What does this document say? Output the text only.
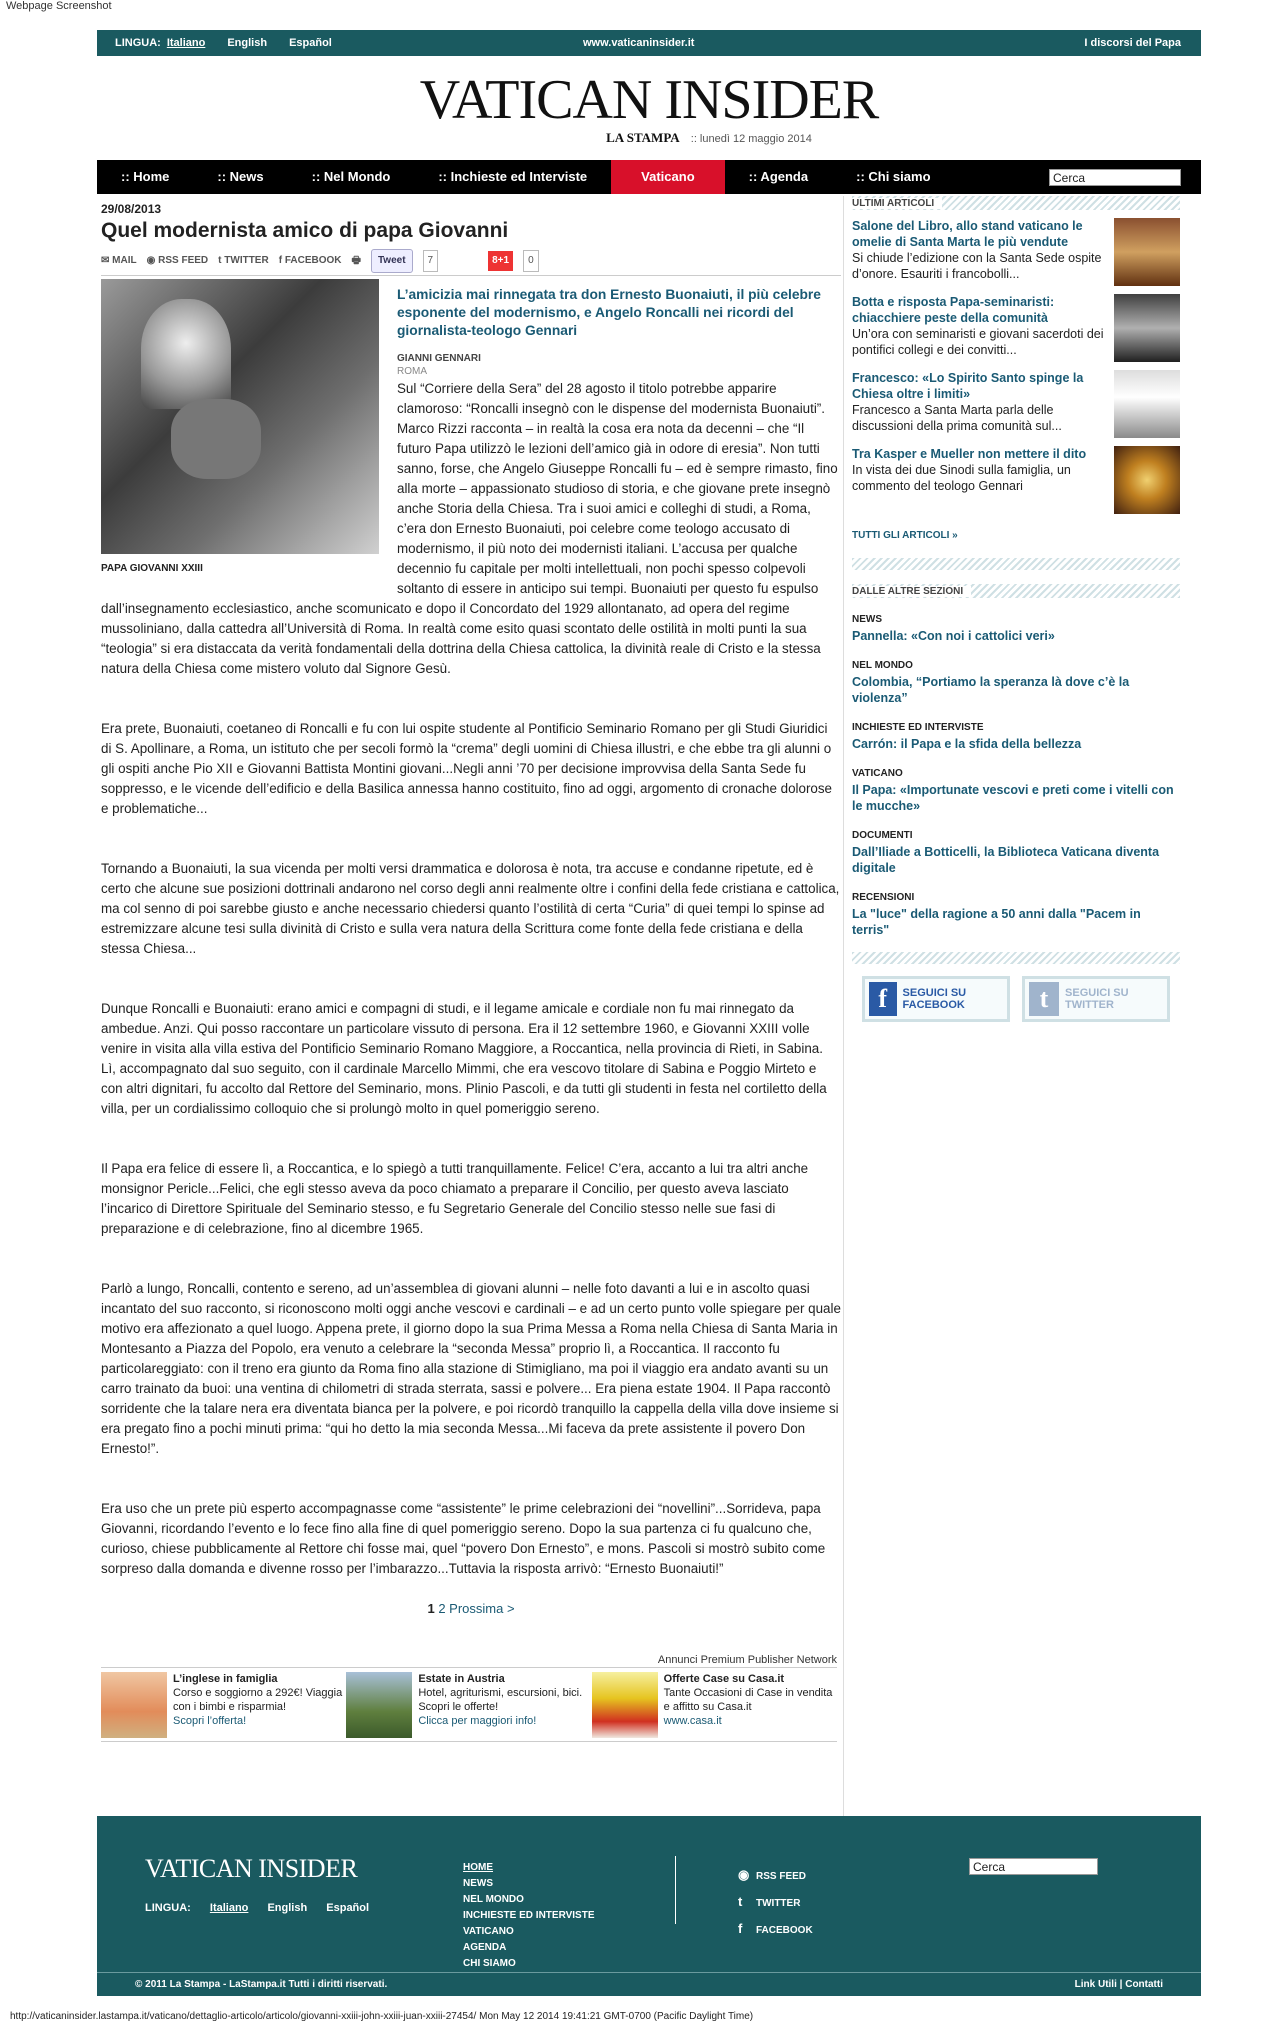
Webpage Screenshot
LINGUA: Italiano English Español	www.vaticaninsider.it	I discorsi del Papa
VATICAN INSIDER
LA STAMPA :: lunedì 12 maggio 2014
:: Home	:: News	:: Nel Mondo	:: Inchieste ed Interviste	Vaticano	:: Agenda	:: Chi siamo
Cerca
29/08/2013
Quel modernista amico di papa Giovanni
✉ MAIL ◉ RSS FEED t TWITTER f FACEBOOK 🖶	Tweet	7	8+1	0
PAPA GIOVANNI XXIII
L’amicizia mai rinnegata tra don Ernesto Buonaiuti, il più celebre esponente del modernismo, e Angelo Roncalli nei ricordi del giornalista-teologo Gennari
GIANNI GENNARI
ROMA
Sul “Corriere della Sera” del 28 agosto il titolo potrebbe apparire clamoroso: “Roncalli insegnò con le dispense del modernista Buonaiuti”. Marco Rizzi racconta – in realtà la cosa era nota da decenni – che “Il futuro Papa utilizzò le lezioni dell’amico già in odore di eresia”. Non tutti sanno, forse, che Angelo Giuseppe Roncalli fu – ed è sempre rimasto, fino alla morte – appassionato studioso di storia, e che giovane prete insegnò anche Storia della Chiesa. Tra i suoi amici e colleghi di studi, a Roma, c’era don Ernesto Buonaiuti, poi celebre come teologo accusato di modernismo, il più noto dei modernisti italiani. L’accusa per qualche decennio fu capitale per molti intellettuali, non pochi spesso colpevoli soltanto di essere in anticipo sui tempi. Buonaiuti per questo fu espulso
dall’insegnamento ecclesiastico, anche scomunicato e dopo il Concordato del 1929 allontanato, ad opera del regime mussoliniano, dalla cattedra all’Università di Roma. In realtà come esito quasi scontato delle ostilità in molti punti la sua “teologia” si era distaccata da verità fondamentali della dottrina della Chiesa cattolica, la divinità reale di Cristo e la stessa natura della Chiesa come mistero voluto dal Signore Gesù.
Era prete, Buonaiuti, coetaneo di Roncalli e fu con lui ospite studente al Pontificio Seminario Romano per gli Studi Giuridici di S. Apollinare, a Roma, un istituto che per secoli formò la “crema” degli uomini di Chiesa illustri, e che ebbe tra gli alunni o gli ospiti anche Pio XII e Giovanni Battista Montini giovani...Negli anni ’70 per decisione improvvisa della Santa Sede fu soppresso, e le vicende dell’edificio e della Basilica annessa hanno costituito, fino ad oggi, argomento di cronache dolorose e problematiche...
Tornando a Buonaiuti, la sua vicenda per molti versi drammatica e dolorosa è nota, tra accuse e condanne ripetute, ed è certo che alcune sue posizioni dottrinali andarono nel corso degli anni realmente oltre i confini della fede cristiana e cattolica, ma col senno di poi sarebbe giusto e anche necessario chiedersi quanto l’ostilità di certa “Curia” di quei tempi lo spinse ad estremizzare alcune tesi sulla divinità di Cristo e sulla vera natura della Scrittura come fonte della fede cristiana e della stessa Chiesa...
Dunque Roncalli e Buonaiuti: erano amici e compagni di studi, e il legame amicale e cordiale non fu mai rinnegato da ambedue. Anzi. Qui posso raccontare un particolare vissuto di persona. Era il 12 settembre 1960, e Giovanni XXIII volle venire in visita alla villa estiva del Pontificio Seminario Romano Maggiore, a Roccantica, nella provincia di Rieti, in Sabina. Lì, accompagnato dal suo seguito, con il cardinale Marcello Mimmi, che era vescovo titolare di Sabina e Poggio Mirteto e con altri dignitari, fu accolto dal Rettore del Seminario, mons. Plinio Pascoli, e da tutti gli studenti in festa nel cortiletto della villa, per un cordialissimo colloquio che si prolungò molto in quel pomeriggio sereno.
Il Papa era felice di essere lì, a Roccantica, e lo spiegò a tutti tranquillamente. Felice! C’era, accanto a lui tra altri anche monsignor Pericle...Felici, che egli stesso aveva da poco chiamato a preparare il Concilio, per questo aveva lasciato l’incarico di Direttore Spirituale del Seminario stesso, e fu Segretario Generale del Concilio stesso nelle sue fasi di preparazione e di celebrazione, fino al dicembre 1965.
Parlò a lungo, Roncalli, contento e sereno, ad un’assemblea di giovani alunni – nelle foto davanti a lui e in ascolto quasi incantato del suo racconto, si riconoscono molti oggi anche vescovi e cardinali – e ad un certo punto volle spiegare per quale motivo era affezionato a quel luogo. Appena prete, il giorno dopo la sua Prima Messa a Roma nella Chiesa di Santa Maria in Montesanto a Piazza del Popolo, era venuto a celebrare la “seconda Messa” proprio lì, a Roccantica. Il racconto fu particolareggiato: con il treno era giunto da Roma fino alla stazione di Stimigliano, ma poi il viaggio era andato avanti su un carro trainato da buoi: una ventina di chilometri di strada sterrata, sassi e polvere... Era piena estate 1904. Il Papa raccontò sorridente che la talare nera era diventata bianca per la polvere, e poi ricordò tranquillo la cappella della villa dove insieme si era pregato fino a pochi minuti prima: “qui ho detto la mia seconda Messa...Mi faceva da prete assistente il povero Don Ernesto!”.
Era uso che un prete più esperto accompagnasse come “assistente” le prime celebrazioni dei “novellini”...Sorrideva, papa Giovanni, ricordando l’evento e lo fece fino alla fine di quel pomeriggio sereno. Dopo la sua partenza ci fu qualcuno che, curioso, chiese pubblicamente al Rettore chi fosse mai, quel “povero Don Ernesto”, e mons. Pascoli si mostrò subito come sorpreso dalla domanda e divenne rosso per l’imbarazzo...Tuttavia la risposta arrivò: “Ernesto Buonaiuti!”
1 2 Prossima >
Annunci Premium Publisher Network
L’inglese in famiglia
Corso e soggiorno a 292€! Viaggia con i bimbi e risparmia!
Scopri l’offerta!
Estate in Austria
Hotel, agriturismi, escursioni, bici. Scopri le offerte!
Clicca per maggiori info!
Offerte Case su Casa.it
Tante Occasioni di Case in vendita e affitto su Casa.it
www.casa.it
ULTIMI ARTICOLI
Salone del Libro, allo stand vaticano le omelie di Santa Marta le più vendute
Si chiude l’edizione con la Santa Sede ospite d’onore. Esauriti i francobolli...
Botta e risposta Papa-seminaristi: chiacchiere peste della comunità
Un’ora con seminaristi e giovani sacerdoti dei pontifici collegi e dei convitti...
Francesco: «Lo Spirito Santo spinge la Chiesa oltre i limiti»
Francesco a Santa Marta parla delle discussioni della prima comunità sul...
Tra Kasper e Mueller non mettere il dito
In vista dei due Sinodi sulla famiglia, un commento del teologo Gennari
TUTTI GLI ARTICOLI »
DALLE ALTRE SEZIONI
NEWS
Pannella: «Con noi i cattolici veri»
NEL MONDO
Colombia, “Portiamo la speranza là dove c’è la violenza”
INCHIESTE ED INTERVISTE
Carrón: il Papa e la sfida della bellezza
VATICANO
Il Papa: «Importunate vescovi e preti come i vitelli con le mucche»
DOCUMENTI
Dall’Iliade a Botticelli, la Biblioteca Vaticana diventa digitale
RECENSIONI
La "luce" della ragione a 50 anni dalla "Pacem in terris"
f	SEGUICI SU FACEBOOK	t	SEGUICI SU TWITTER
VATICAN INSIDER
LINGUA: Italiano English Español
HOME
NEWS
NEL MONDO
INCHIESTE ED INTERVISTE
VATICANO
AGENDA
CHI SIAMO
◉ RSS FEED
t TWITTER
f FACEBOOK
Cerca
© 2011 La Stampa - LaStampa.it Tutti i diritti riservati.	Link Utili | Contatti
http://vaticaninsider.lastampa.it/vaticano/dettaglio-articolo/articolo/giovanni-xxiii-john-xxiii-juan-xxiii-27454/ Mon May 12 2014 19:41:21 GMT-0700 (Pacific Daylight Time)
